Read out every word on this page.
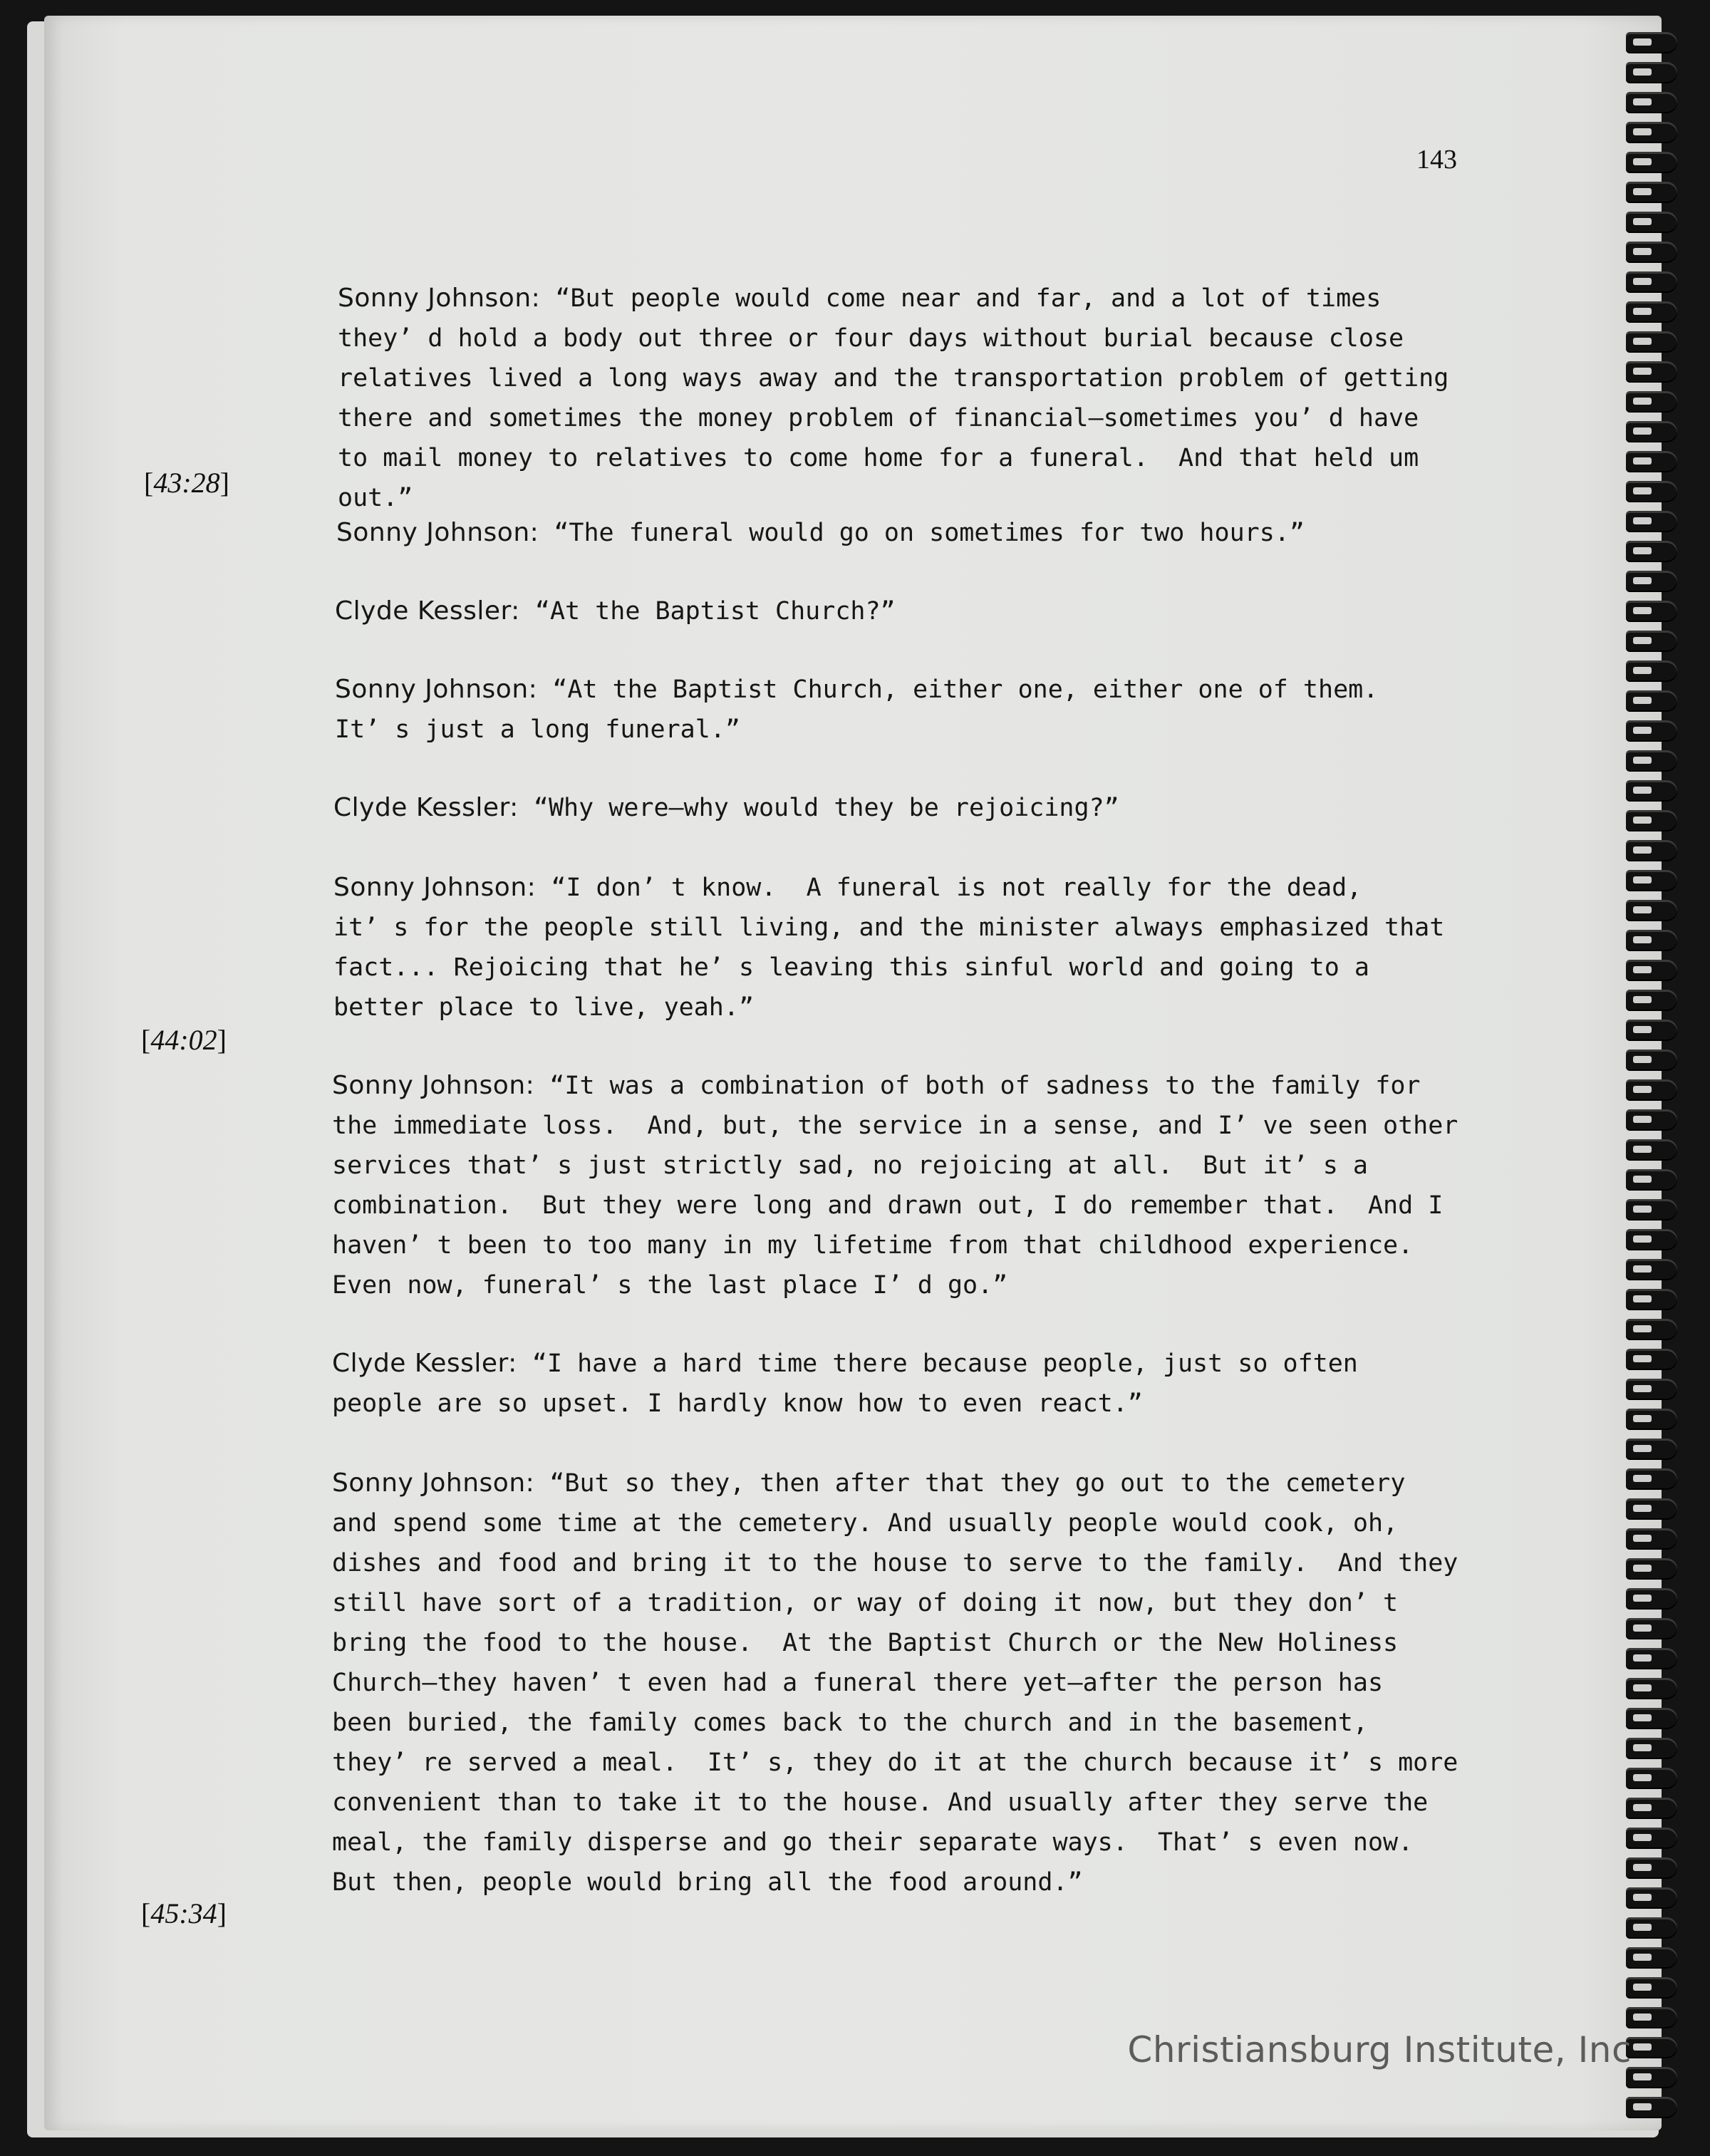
143
[43:28]
[44:02]
[45:34]

Sonny Johnson: “But people would come near and far, and a lot of times
they’ d hold a body out three or four days without burial because close
relatives lived a long ways away and the transportation problem of getting
there and sometimes the money problem of financial—sometimes you’ d have
to mail money to relatives to come home for a funeral.  And that held um
out.”
Sonny Johnson: “The funeral would go on sometimes for two hours.”
Clyde Kessler: “At the Baptist Church?”
Sonny Johnson: “At the Baptist Church, either one, either one of them.
It’ s just a long funeral.”
Clyde Kessler: “Why were—why would they be rejoicing?”
Sonny Johnson: “I don’ t know.  A funeral is not really for the dead,
it’ s for the people still living, and the minister always emphasized that
fact... Rejoicing that he’ s leaving this sinful world and going to a
better place to live, yeah.”
Sonny Johnson: “It was a combination of both of sadness to the family for
the immediate loss.  And, but, the service in a sense, and I’ ve seen other
services that’ s just strictly sad, no rejoicing at all.  But it’ s a
combination.  But they were long and drawn out, I do remember that.  And I
haven’ t been to too many in my lifetime from that childhood experience.
Even now, funeral’ s the last place I’ d go.”
Clyde Kessler: “I have a hard time there because people, just so often
people are so upset. I hardly know how to even react.”
Sonny Johnson: “But so they, then after that they go out to the cemetery
and spend some time at the cemetery. And usually people would cook, oh,
dishes and food and bring it to the house to serve to the family.  And they
still have sort of a tradition, or way of doing it now, but they don’ t
bring the food to the house.  At the Baptist Church or the New Holiness
Church—they haven’ t even had a funeral there yet—after the person has
been buried, the family comes back to the church and in the basement,
they’ re served a meal.  It’ s, they do it at the church because it’ s more
convenient than to take it to the house. And usually after they serve the
meal, the family disperse and go their separate ways.  That’ s even now.
But then, people would bring all the food around.”
Christiansburg Institute, Inc
